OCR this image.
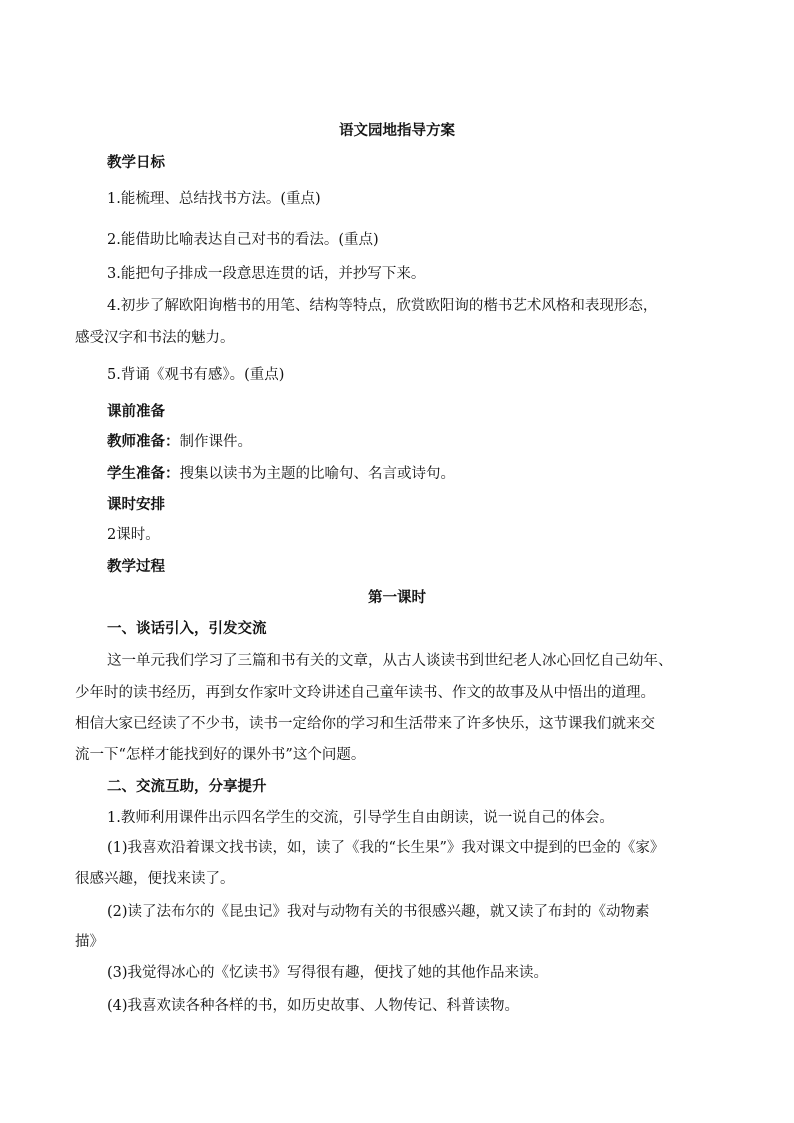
语文园地指导方案

教学日标

1.能梳理、总结找书方法。(重点)

2.能借助比喻表达自己对书的看法。(重点)

3.能把句子排成一段意思连贯的话，并抄写下来。

4.初步了解欧阳询楷书的用笔、结构等特点，欣赏欧阳询的楷书艺术风格和表现形态，

感受汉字和书法的魅力。

5.背诵《观书有感》。(重点)

课前准备

教师准备：制作课件。

学生准备：搜集以读书为主题的比喻句、名言或诗句。

课时安排

2课时。

教学过程

第一课时

一、谈话引入，引发交流

这一单元我们学习了三篇和书有关的文章，从古人谈读书到世纪老人冰心回忆自己幼年、

少年时的读书经历，再到女作家叶文玲讲述自己童年读书、作文的故事及从中悟出的道理。

相信大家已经读了不少书，读书一定给你的学习和生活带来了许多快乐，这节课我们就来交

流一下“怎样才能找到好的课外书”这个问题。

二、交流互助，分享提升

1.教师利用课件出示四名学生的交流，引导学生自由朗读，说一说自己的体会。

(1)我喜欢沿着课文找书读，如，读了《我的“长生果”》我对课文中提到的巴金的《家》

很感兴趣，便找来读了。

(2)读了法布尔的《昆虫记》我对与动物有关的书很感兴趣，就又读了布封的《动物素

描》

(3)我觉得冰心的《忆读书》写得很有趣，便找了她的其他作品来读。

(4)我喜欢读各种各样的书，如历史故事、人物传记、科普读物。
